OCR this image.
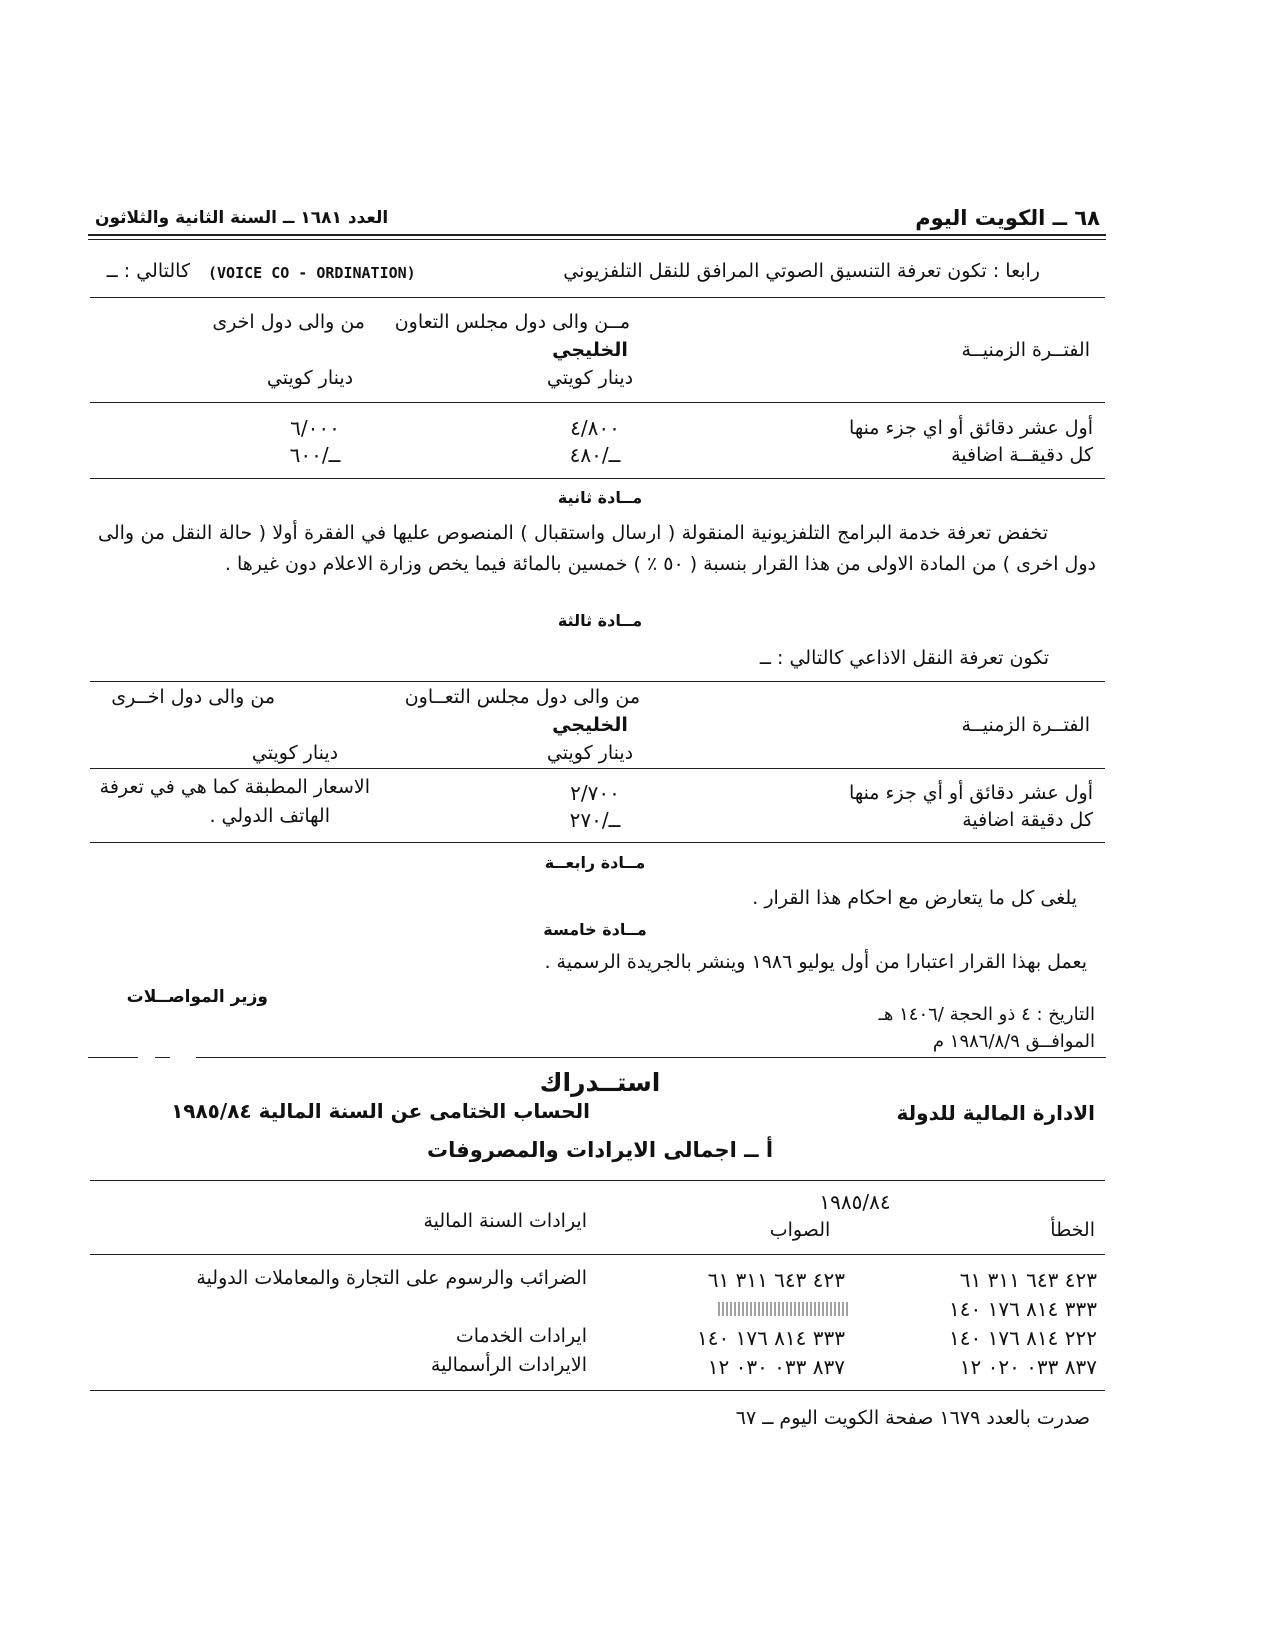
٦٨ ــ الكويت اليوم
العدد ١٦٨١ ــ السنة الثانية والثلاثون
رابعا : تكون تعرفة التنسيق الصوتي المرافق للنقل التلفزيوني
(VOICE CO - ORDINATION)
كالتالي : ــ
الفتــرة الزمنيــة
مــن والى دول مجلس التعاون
الخليجي
دينار كويتي
من والى دول اخرى
دينار كويتي
أول عشر دقائق أو اي جزء منها
٤/٨٠٠
٦/٠٠٠
كل دقيقــة اضافية
ــ/٤٨٠
ــ/٦٠٠
مــادة ثانية
تخفض تعرفة خدمة البرامج التلفزيونية المنقولة ( ارسال واستقبال ) المنصوص عليها في الفقرة أولا ( حالة النقل من والى دول اخرى ) من المادة الاولى من هذا القرار بنسبة ( ٥٠ ٪ ) خمسين بالمائة فيما يخص وزارة الاعلام دون غيرها .
مــادة ثالثة
تكون تعرفة النقل الاذاعي كالتالي : ــ
الفتــرة الزمنيــة
من والى دول مجلس التعــاون
الخليجي
دينار كويتي
من والى دول اخــرى
دينار كويتي
أول عشر دقائق أو أي جزء منها
٢/٧٠٠
الاسعار المطبقة كما هي في تعرفة
كل دقيقة اضافية
ــ/٢٧٠
الهاتف الدولي .
مــادة رابعــة
يلغى كل ما يتعارض مع احكام هذا القرار .
مــادة خامسة
يعمل بهذا القرار اعتبارا من أول يوليو ١٩٨٦ وينشر بالجريدة الرسمية .
وزير المواصــلات
التاريخ : ٤ ذو الحجة /١٤٠٦ هـ
الموافــق ١٩٨٦/٨/٩ م
استــدراك
الادارة المالية للدولة
الحساب الختامى عن السنة المالية ١٩٨٥/٨٤
أ ــ اجمالى الايرادات والمصروفات
١٩٨٥/٨٤
الخطأ
الصواب
ايرادات السنة المالية
٤٢٣ ٦٤٣ ٣١١ ٦١
٤٢٣ ٦٤٣ ٣١١ ٦١
الضرائب والرسوم على التجارة والمعاملات الدولية
٣٣٣ ٨١٤ ١٧٦ ١٤٠
٢٢٢ ٨١٤ ١٧٦ ١٤٠
٣٣٣ ٨١٤ ١٧٦ ١٤٠
ايرادات الخدمات
٨٣٧ ٠٣٣ ٠٢٠ ١٢
٨٣٧ ٠٣٣ ٠٣٠ ١٢
الايرادات الرأسمالية
صدرت بالعدد ١٦٧٩ صفحة الكويت اليوم ــ ٦٧
